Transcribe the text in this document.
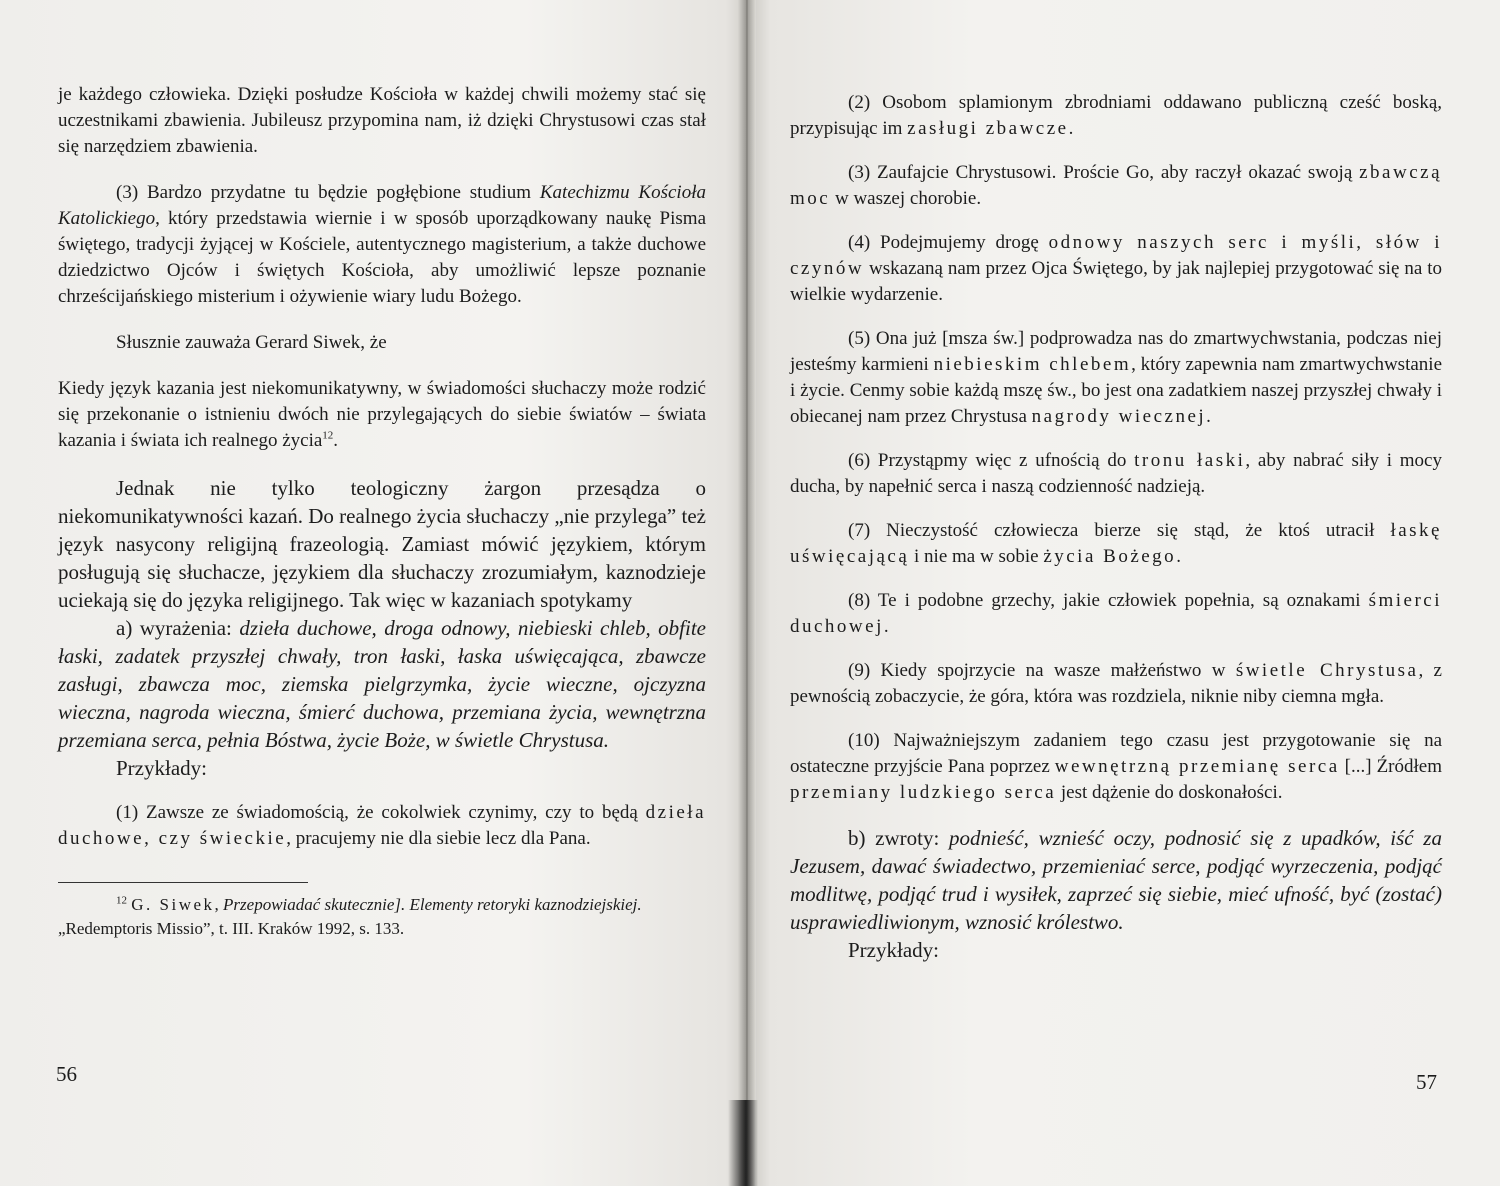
je każdego człowieka. Dzięki posłudze Kościoła w każdej chwili możemy stać się uczestnikami zbawienia. Jubileusz przypomina nam, iż dzięki Chrystusowi czas stał się narzędziem zbawienia.

(3) Bardzo przydatne tu będzie pogłębione studium Katechizmu Kościoła Katolickiego, który przedstawia wiernie i w sposób uporządkowany naukę Pisma świętego, tradycji żyjącej w Kościele, autentycznego magisterium, a także duchowe dziedzictwo Ojców i świętych Kościoła, aby umożliwić lepsze poznanie chrześcijańskiego misterium i ożywienie wiary ludu Bożego.

Słusznie zauważa Gerard Siwek, że

Kiedy język kazania jest niekomunikatywny, w świadomości słuchaczy może rodzić się przekonanie o istnieniu dwóch nie przylegających do siebie światów – świata kazania i świata ich realnego życia$^{12}$.

Jednak nie tylko teologiczny żargon przesądza o niekomunikatywności kazań. Do realnego życia słuchaczy „nie przylega” też język nasycony religijną frazeologią. Zamiast mówić językiem, którym posługują się słuchacze, językiem dla słuchaczy zrozumiałym, kaznodzieje uciekają się do języka religijnego. Tak więc w kazaniach spotykamy

a) wyrażenia: dzieła duchowe, droga odnowy, niebieski chleb, obfite łaski, zadatek przyszłej chwały, tron łaski, łaska uświęcająca, zbawcze zasługi, zbawcza moc, ziemska pielgrzymka, życie wieczne, ojczyzna wieczna, nagroda wieczna, śmierć duchowa, przemiana życia, wewnętrzna przemiana serca, pełnia Bóstwa, życie Boże, w świetle Chrystusa.

Przykłady:

(1) Zawsze ze świadomością, że cokolwiek czynimy, czy to będą dzieła duchowe, czy świeckie, pracujemy nie dla siebie lecz dla Pana.

$^{12}$ G. Siwek, Przepowiadać skutecznie]. Elementy retoryki kaznodziejskiej.
„Redemptoris Missio”, t. III. Kraków 1992, s. 133.

56

(2) Osobom splamionym zbrodniami oddawano publiczną cześć boską, przypisując im zasługi zbawcze.

(3) Zaufajcie Chrystusowi. Proście Go, aby raczył okazać swoją zbawczą moc w waszej chorobie.

(4) Podejmujemy drogę odnowy naszych serc i myśli, słów i czynów wskazaną nam przez Ojca Świętego, by jak najlepiej przygotować się na to wielkie wydarzenie.

(5) Ona już [msza św.] podprowadza nas do zmartwychwstania, podczas niej jesteśmy karmieni niebieskim chlebem, który zapewnia nam zmartwychwstanie i życie. Cenmy sobie każdą mszę św., bo jest ona zadatkiem naszej przyszłej chwały i obiecanej nam przez Chrystusa nagrody wiecznej.

(6) Przystąpmy więc z ufnością do tronu łaski, aby nabrać siły i mocy ducha, by napełnić serca i naszą codzienność nadzieją.

(7) Nieczystość człowiecza bierze się stąd, że ktoś utracił łaskę uświęcającą i nie ma w sobie życia Bożego.

(8) Te i podobne grzechy, jakie człowiek popełnia, są oznakami śmierci duchowej.

(9) Kiedy spojrzycie na wasze małżeństwo w świetle Chrystusa, z pewnością zobaczycie, że góra, która was rozdziela, niknie niby ciemna mgła.

(10) Najważniejszym zadaniem tego czasu jest przygotowanie się na ostateczne przyjście Pana poprzez wewnętrzną przemianę serca [...] Źródłem przemiany ludzkiego serca jest dążenie do doskonałości.

b) zwroty: podnieść, wznieść oczy, podnosić się z upadków, iść za Jezusem, dawać świadectwo, przemieniać serce, podjąć wyrzeczenia, podjąć modlitwę, podjąć trud i wysiłek, zaprzeć się siebie, mieć ufność, być (zostać) usprawiedliwionym, wznosić królestwo.

Przykłady:

57
